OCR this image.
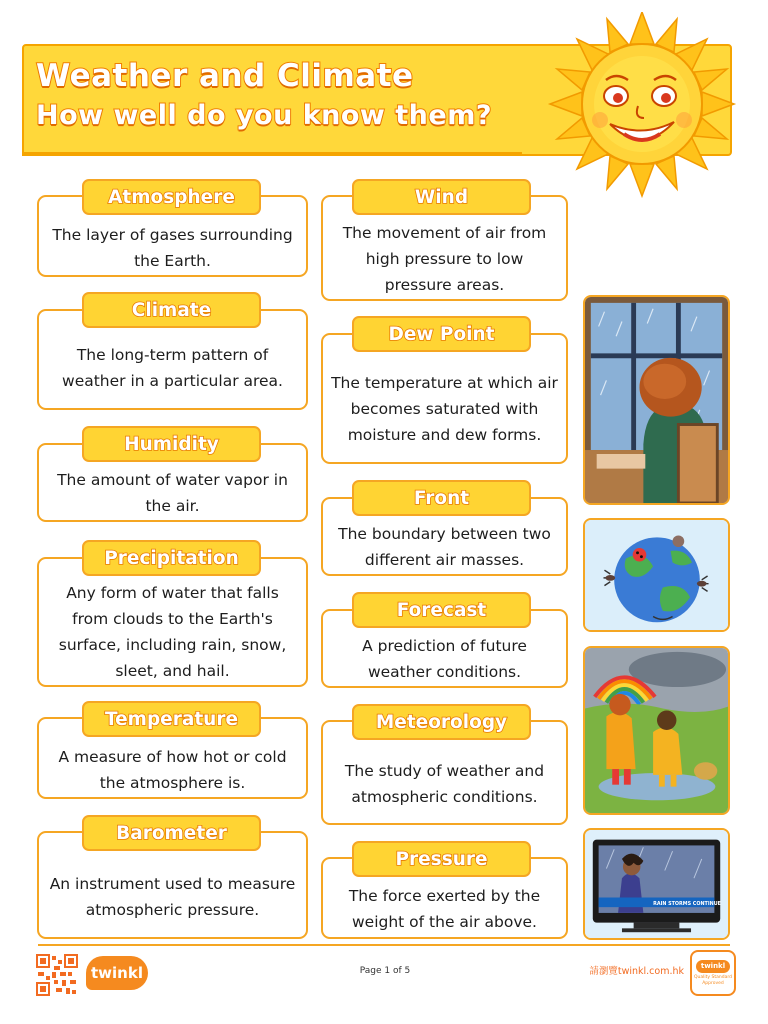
Weather and Climate
How well do you know them?
The layer of gases surrounding the Earth.
Atmosphere
The long-term pattern of weather in a particular area.
Climate
The amount of water vapor in the air.
Humidity
Any form of water that falls from clouds to the Earth's surface, including rain, snow, sleet, and hail.
Precipitation
A measure of how hot or cold the atmosphere is.
Temperature
An instrument used to measure atmospheric pressure.
Barometer
The movement of air from high pressure to low pressure areas.
Wind
The temperature at which air becomes saturated with moisture and dew forms.
Dew Point
The boundary between two different air masses.
Front
A prediction of future weather conditions.
Forecast
The study of weather and atmospheric conditions.
Meteorology
The force exerted by the weight of the air above.
Pressure
RAIN STORMS CONTINUE
twinkl	Page 1 of 5	請瀏覽twinkl.com.hk	twinkl
Quality Standard Approved
